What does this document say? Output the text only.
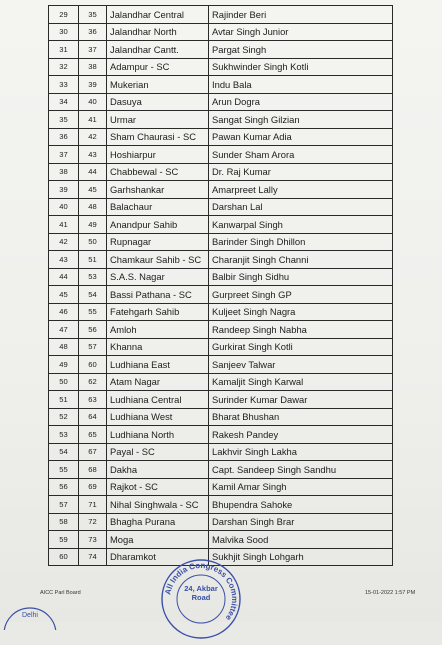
29	35	Jalandhar Central	Rajinder Beri
30	36	Jalandhar North	Avtar Singh Junior
31	37	Jalandhar Cantt.	Pargat Singh
32	38	Adampur - SC	Sukhwinder Singh Kotli
33	39	Mukerian	Indu Bala
34	40	Dasuya	Arun Dogra
35	41	Urmar	Sangat Singh Gilzian
36	42	Sham Chaurasi - SC	Pawan Kumar Adia
37	43	Hoshiarpur	Sunder Sham Arora
38	44	Chabbewal - SC	Dr. Raj Kumar
39	45	Garhshankar	Amarpreet Lally
40	48	Balachaur	Darshan Lal
41	49	Anandpur Sahib	Kanwarpal Singh
42	50	Rupnagar	Barinder Singh Dhillon
43	51	Chamkaur Sahib - SC	Charanjit Singh Channi
44	53	S.A.S. Nagar	Balbir Singh Sidhu
45	54	Bassi Pathana - SC	Gurpreet Singh GP
46	55	Fatehgarh Sahib	Kuljeet Singh Nagra
47	56	Amloh	Randeep Singh Nabha
48	57	Khanna	Gurkirat Singh Kotli
49	60	Ludhiana East	Sanjeev Talwar
50	62	Atam Nagar	Kamaljit Singh Karwal
51	63	Ludhiana Central	Surinder Kumar Dawar
52	64	Ludhiana West	Bharat Bhushan
53	65	Ludhiana North	Rakesh Pandey
54	67	Payal - SC	Lakhvir Singh Lakha
55	68	Dakha	Capt. Sandeep Singh Sandhu
56	69	Rajkot - SC	Kamil Amar Singh
57	71	Nihal Singhwala - SC	Bhupendra Sahoke
58	72	Bhagha Purana	Darshan Singh Brar
59	73	Moga	Malvika Sood
60	74	Dharamkot	Sukhjit Singh Lohgarh
AICC Parl Board	15-01-2022 1:57 PM
All India Congress Committee
24, Akbar
Road
Delhi
